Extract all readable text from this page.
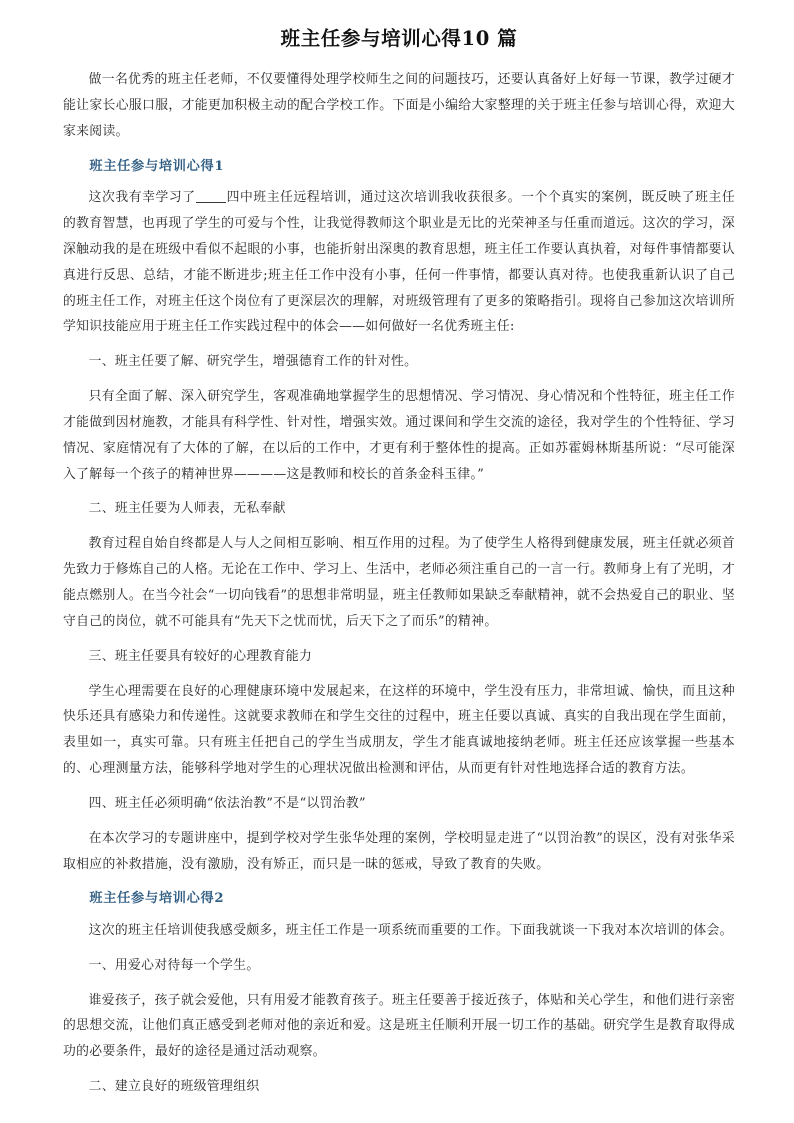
班主任参与培训心得10 篇

做一名优秀的班主任老师，不仅要懂得处理学校师生之间的问题技巧，还要认真备好上好每一节课，教学过硬才能让家长心服口服，才能更加积极主动的配合学校工作。下面是小编给大家整理的关于班主任参与培训心得，欢迎大家来阅读。

班主任参与培训心得1

这次我有幸学习了 四中班主任远程培训，通过这次培训我收获很多。一个个真实的案例，既反映了班主任的教育智慧，也再现了学生的可爱与个性，让我觉得教师这个职业是无比的光荣神圣与任重而道远。这次的学习，深深触动我的是在班级中看似不起眼的小事，也能折射出深奥的教育思想，班主任工作要认真执着，对每件事情都要认真进行反思、总结，才能不断进步;班主任工作中没有小事，任何一件事情，都要认真对待。也使我重新认识了自己的班主任工作，对班主任这个岗位有了更深层次的理解，对班级管理有了更多的策略指引。现将自己参加这次培训所学知识技能应用于班主任工作实践过程中的体会——如何做好一名优秀班主任:

一、班主任要了解、研究学生，增强德育工作的针对性。

只有全面了解、深入研究学生，客观准确地掌握学生的思想情况、学习情况、身心情况和个性特征，班主任工作才能做到因材施教，才能具有科学性、针对性，增强实效。通过课间和学生交流的途径，我对学生的个性特征、学习情况、家庭情况有了大体的了解，在以后的工作中，才更有利于整体性的提高。正如苏霍姆林斯基所说：“尽可能深入了解每一个孩子的精神世界————这是教师和校长的首条金科玉律。”

二、班主任要为人师表，无私奉献

教育过程自始自终都是人与人之间相互影响、相互作用的过程。为了使学生人格得到健康发展，班主任就必须首先致力于修炼自己的人格。无论在工作中、学习上、生活中，老师必须注重自己的一言一行。教师身上有了光明，才能点燃别人。在当今社会“一切向钱看”的思想非常明显，班主任教师如果缺乏奉献精神，就不会热爱自己的职业、坚守自己的岗位，就不可能具有“先天下之忧而忧，后天下之了而乐”的精神。

三、班主任要具有较好的心理教育能力

学生心理需要在良好的心理健康环境中发展起来，在这样的环境中，学生没有压力，非常坦诚、愉快，而且这种快乐还具有感染力和传递性。这就要求教师在和学生交往的过程中，班主任要以真诚、真实的自我出现在学生面前，表里如一，真实可靠。只有班主任把自己的学生当成朋友，学生才能真诚地接纳老师。班主任还应该掌握一些基本的、心理测量方法，能够科学地对学生的心理状况做出检测和评估，从而更有针对性地选择合适的教育方法。

四、班主任必须明确“依法治教”不是“以罚治教”

在本次学习的专题讲座中，提到学校对学生张华处理的案例，学校明显走进了“以罚治教”的误区，没有对张华采取相应的补救措施，没有激励，没有矫正，而只是一昧的惩戒，导致了教育的失败。

班主任参与培训心得2

这次的班主任培训使我感受颇多，班主任工作是一项系统而重要的工作。下面我就谈一下我对本次培训的体会。

一、用爱心对待每一个学生。

谁爱孩子，孩子就会爱他，只有用爱才能教育孩子。班主任要善于接近孩子，体贴和关心学生，和他们进行亲密的思想交流，让他们真正感受到老师对他的亲近和爱。这是班主任顺利开展一切工作的基础。研究学生是教育取得成功的必要条件，最好的途径是通过活动观察。

二、建立良好的班级管理组织
